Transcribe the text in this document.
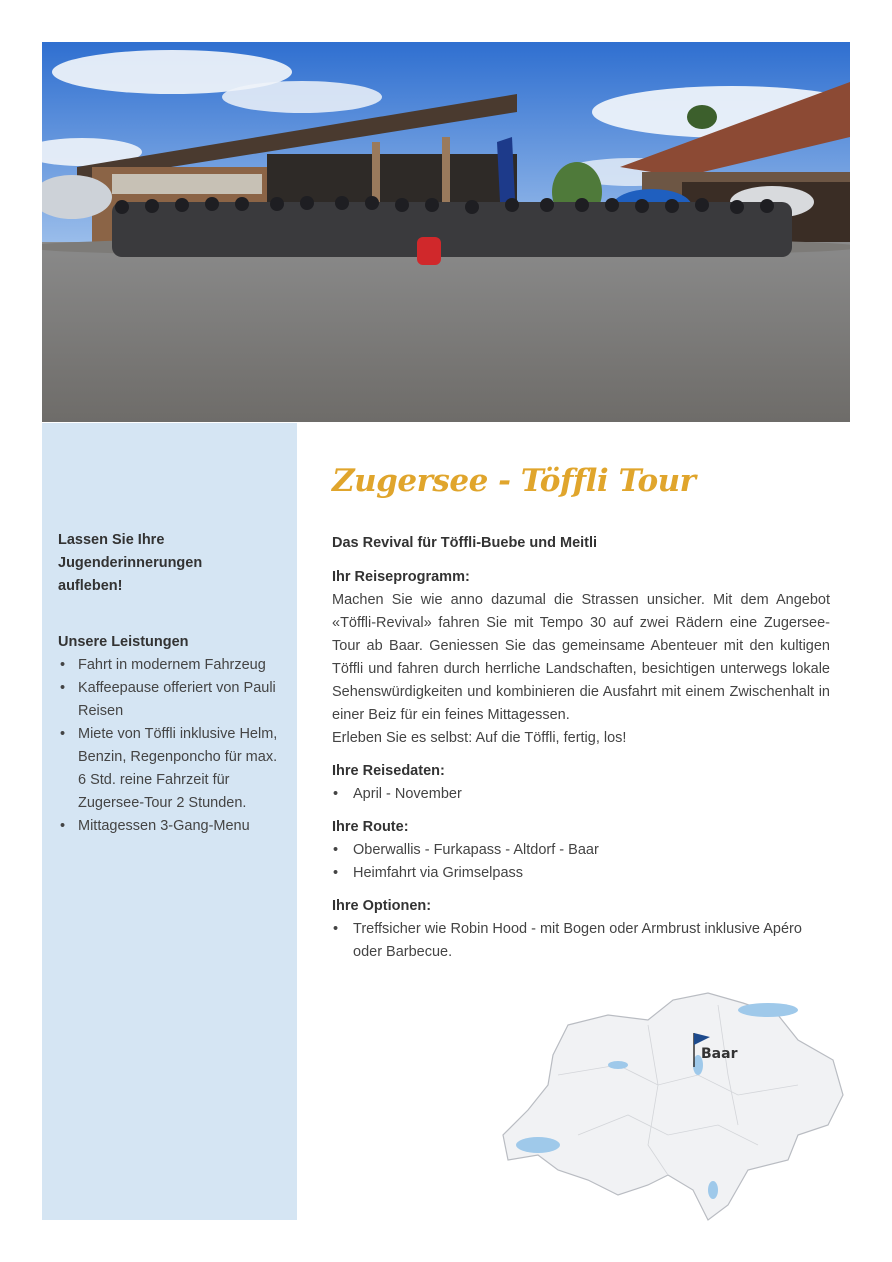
Lassen Sie Ihre Jugenderinnerungen aufleben!
Unsere Leistungen
• Fahrt in modernem Fahrzeug
• Kaffeepause offeriert von Pauli Reisen
• Miete von Töffli inklusive Helm, Benzin, Regenponcho für max. 6 Std. reine Fahrzeit für Zugersee-Tour 2 Stunden.
• Mittagessen 3-Gang-Menu
Zugersee - Töffli Tour
Das Revival für Töffli-Buebe und Meitli
Ihr Reiseprogramm:

Machen Sie wie anno dazumal die Strassen unsicher. Mit dem Angebot «Töffli-Revival» fahren Sie mit Tempo 30 auf zwei Rädern eine Zugersee-Tour ab Baar. Geniessen Sie das gemeinsame Abenteuer mit den kultigen Töffli und fahren durch herrliche Landschaften, besichtigen unterwegs lokale Sehenswürdigkeiten und kombinieren die Ausfahrt mit einem Zwischenhalt in einer Beiz für ein feines Mittagessen.

Erleben Sie es selbst: Auf die Töffli, fertig, los!

Ihre Reisedaten:
• April - November
Ihre Route:
• Oberwallis - Furkapass - Altdorf - Baar
• Heimfahrt via Grimselpass
Ihre Optionen:
• Treffsicher wie Robin Hood - mit Bogen oder Armbrust inklusive Apéro oder Barbecue.
Baar
